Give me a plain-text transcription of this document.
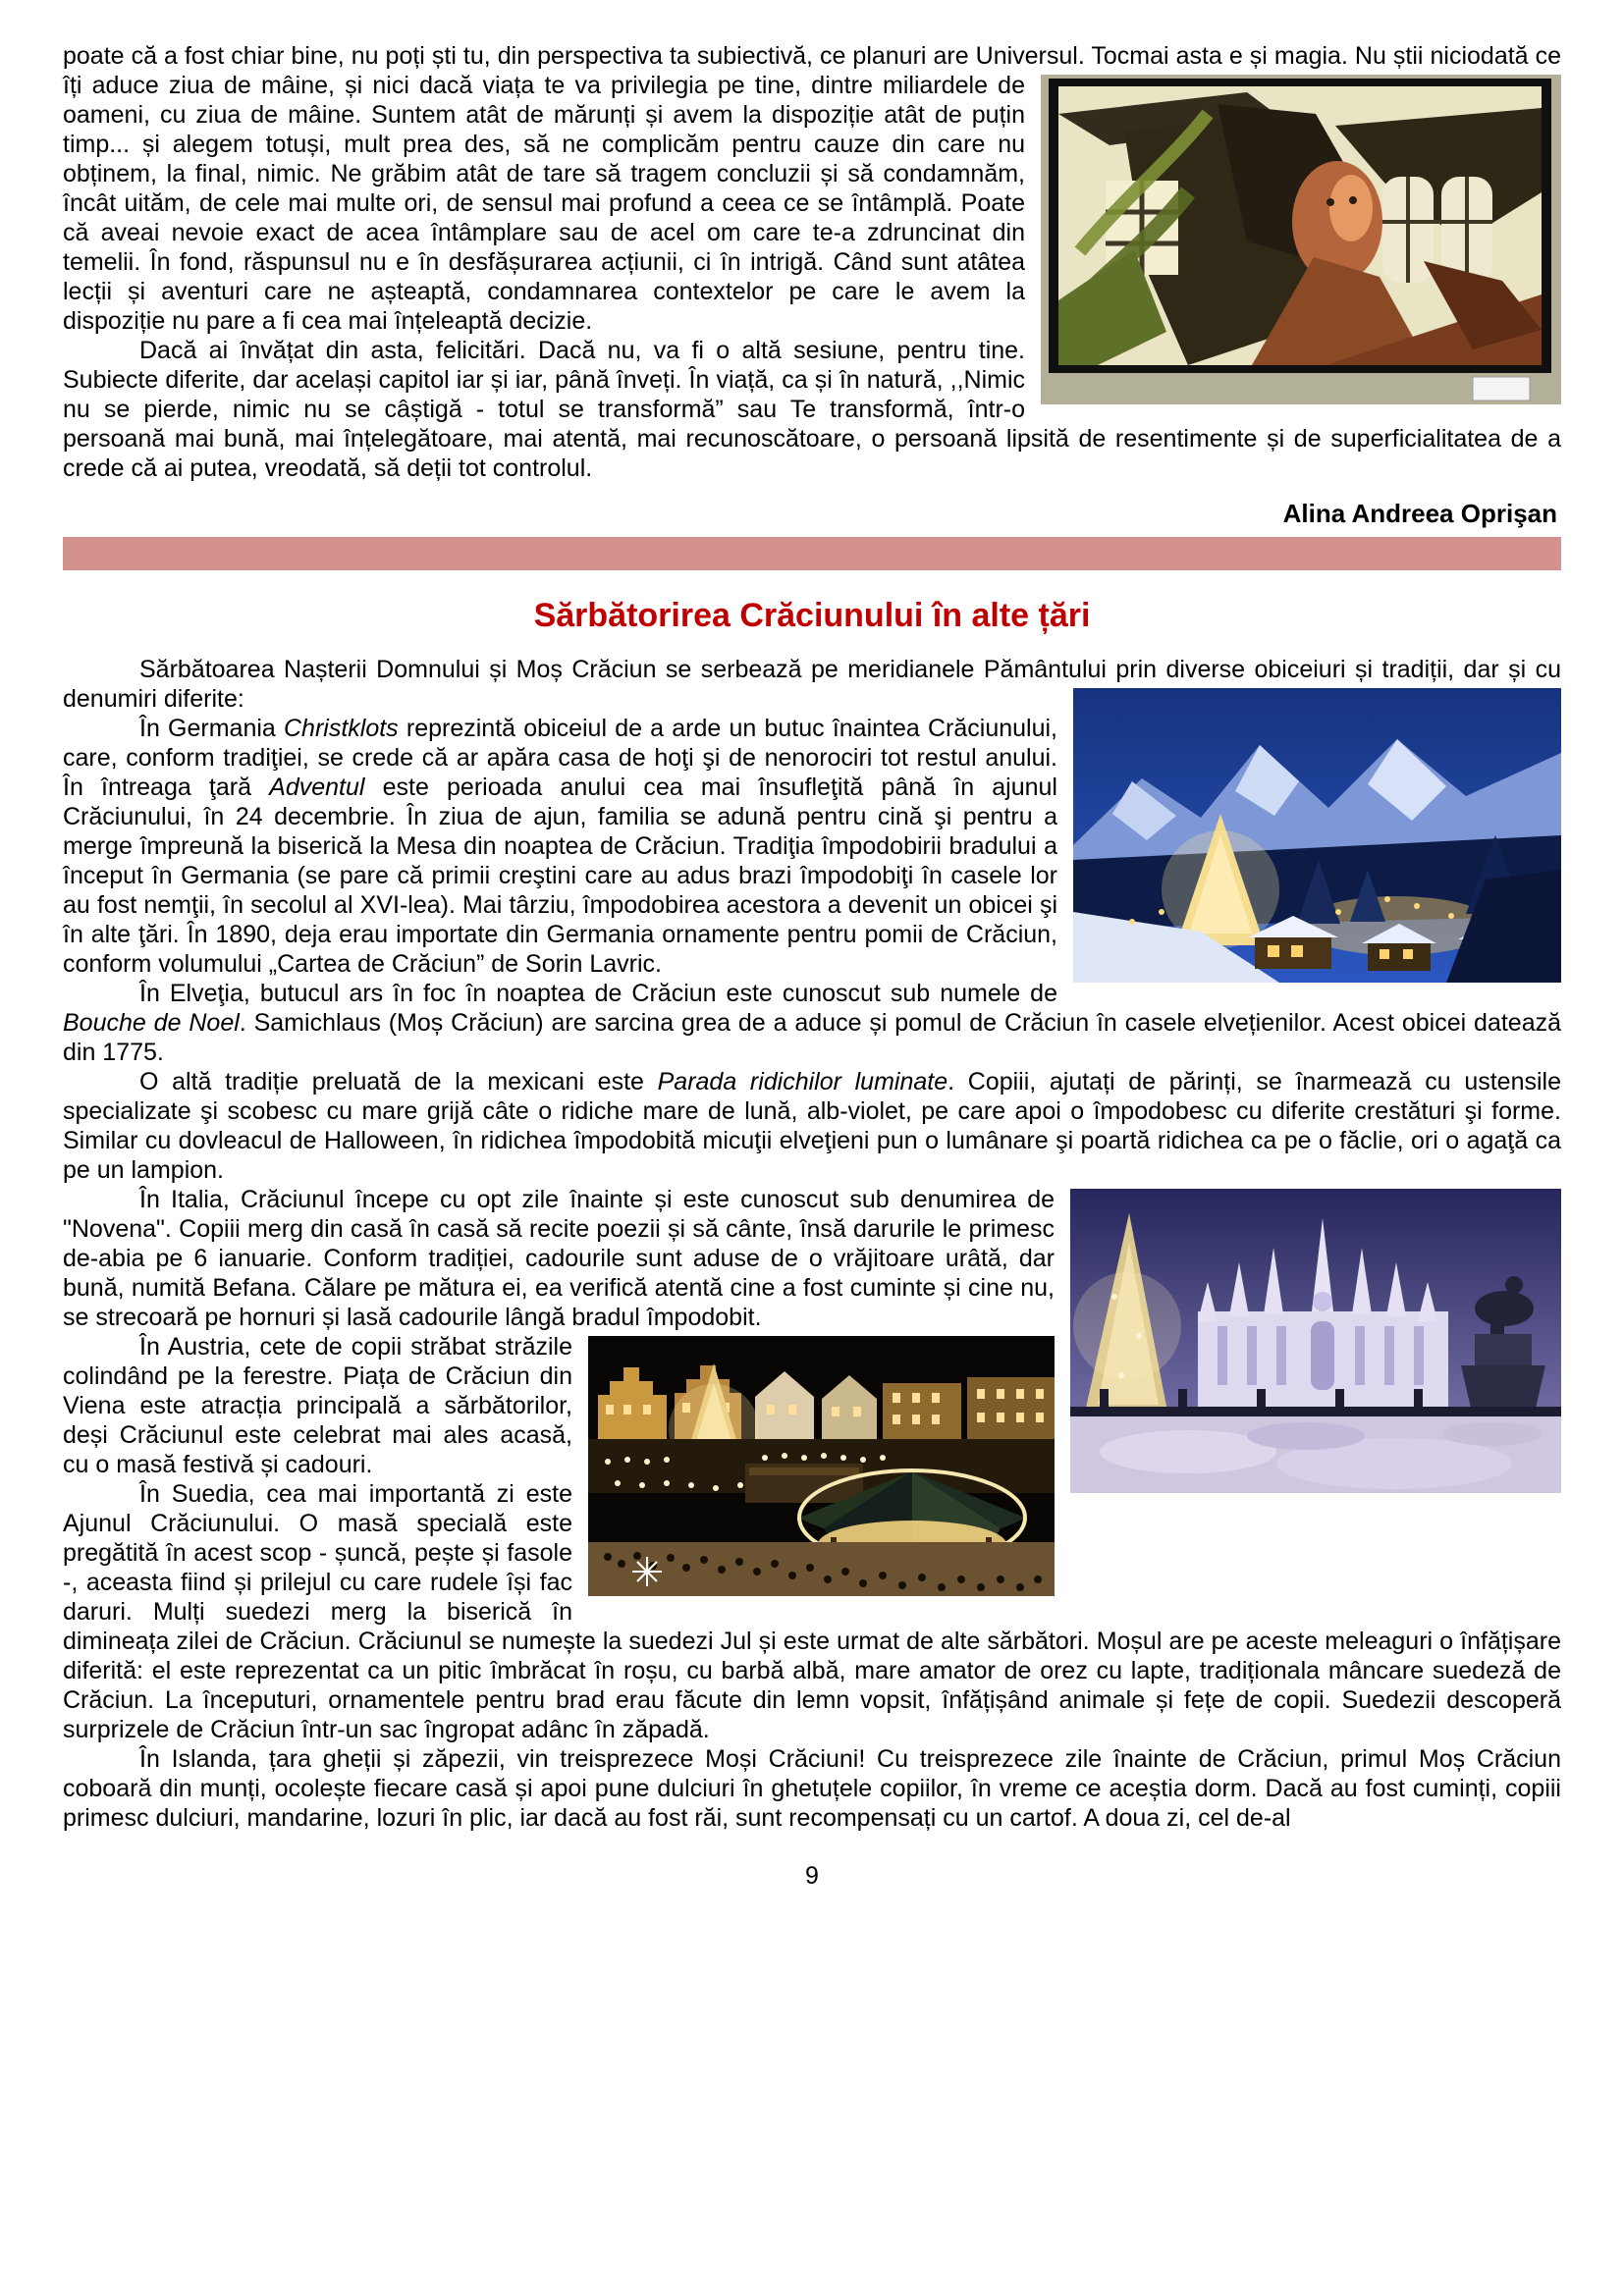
poate că a fost chiar bine, nu poți ști tu, din perspectiva ta subiectivă, ce planuri are Universul. Tocmai asta e și magia. Nu știi niciodată ce îți aduce ziua de mâine, și nici dacă viața te va privilegia pe tine, dintre miliardele de oameni, cu ziua de mâine. Suntem atât de mărunți și avem la dispoziție atât de puțin timp... și alegem totuși, mult prea des, să ne complicăm pentru cauze din care nu obținem, la final, nimic. Ne grăbim atât de tare să tragem concluzii și să condamnăm, încât uităm, de cele mai multe ori, de sensul mai profund a ceea ce se întâmplă. Poate că aveai nevoie exact de acea întâmplare sau de acel om care te-a zdruncinat din temelii. În fond, răspunsul nu e în desfășurarea acțiunii, ci în intrigă. Când sunt atâtea lecții și aventuri care ne așteaptă, condamnarea contextelor pe care le avem la dispoziție nu pare a fi cea mai înțeleaptă decizie.

Dacă ai învățat din asta, felicitări. Dacă nu, va fi o altă sesiune, pentru tine. Subiecte diferite, dar același capitol iar și iar, până înveți. În viață, ca și în natură, ,,Nimic nu se pierde, nimic nu se câștigă - totul se transformă” sau Te transformă, într-o persoană mai bună, mai înțelegătoare, mai atentă, mai recunoscătoare, o persoană lipsită de resentimente și de superficialitatea de a crede că ai putea, vreodată, să deții tot controlul.

Alina Andreea Oprişan

Sărbătorirea Crăciunului în alte țări

Sărbătoarea Nașterii Domnului și Moș Crăciun se serbează pe meridianele Pământului prin diverse obiceiuri și tradiții, dar și cu denumiri diferite:

În Germania Christklots reprezintă obiceiul de a arde un butuc înaintea Crăciunului, care, conform tradiţiei, se crede că ar apăra casa de hoţi şi de nenorociri tot restul anului. În întreaga ţară Adventul este perioada anului cea mai însufleţită până în ajunul Crăciunului, în 24 decembrie. În ziua de ajun, familia se adună pentru cină şi pentru a merge împreună la biserică la Mesa din noaptea de Crăciun. Tradiţia împodobirii bradului a început în Germania (se pare că primii creştini care au adus brazi împodobiţi în casele lor au fost nemţii, în secolul al XVI-lea). Mai târziu, împodobirea acestora a devenit un obicei şi în alte ţări. În 1890, deja erau importate din Germania ornamente pentru pomii de Crăciun, conform volumului „Cartea de Crăciun” de Sorin Lavric.

În Elveţia, butucul ars în foc în noaptea de Crăciun este cunoscut sub numele de Bouche de Noel. Samichlaus (Moș Crăciun) are sarcina grea de a aduce și pomul de Crăciun în casele elvețienilor. Acest obicei datează din 1775.

O altă tradiție preluată de la mexicani este Parada ridichilor luminate. Copiii, ajutați de părinți, se înarmează cu ustensile specializate şi scobesc cu mare grijă câte o ridiche mare de lună, alb-violet, pe care apoi o împodobesc cu diferite crestături şi forme. Similar cu dovleacul de Halloween, în ridichea împodobită micuţii elveţieni pun o lumânare şi poartă ridichea ca pe o făclie, ori o agaţă ca pe un lampion.

În Italia, Crăciunul începe cu opt zile înainte și este cunoscut sub denumirea de "Novena". Copiii merg din casă în casă să recite poezii și să cânte, însă darurile le primesc de-abia pe 6 ianuarie. Conform tradiției, cadourile sunt aduse de o vrăjitoare urâtă, dar bună, numită Befana. Călare pe mătura ei, ea verifică atentă cine a fost cuminte și cine nu, se strecoară pe hornuri și lasă cadourile lângă bradul împodobit.

În Austria, cete de copii străbat străzile colindând pe la ferestre. Piața de Crăciun din Viena este atracția principală a sărbătorilor, deși Crăciunul este celebrat mai ales acasă, cu o masă festivă și cadouri.

În Suedia, cea mai importantă zi este Ajunul Crăciunului. O masă specială este pregătită în acest scop - șuncă, pește și fasole -, aceasta fiind și prilejul cu care rudele își fac daruri. Mulți suedezi merg la biserică în dimineața zilei de Crăciun. Crăciunul se numește la suedezi Jul și este urmat de alte sărbători. Moșul are pe aceste meleaguri o înfățișare diferită: el este reprezentat ca un pitic îmbrăcat în roșu, cu barbă albă, mare amator de orez cu lapte, tradiționala mâncare suedeză de Crăciun. La începuturi, ornamentele pentru brad erau făcute din lemn vopsit, înfățișând animale și fețe de copii. Suedezii descoperă surprizele de Crăciun într-un sac îngropat adânc în zăpadă.

În Islanda, țara gheții și zăpezii, vin treisprezece Moși Crăciuni! Cu treisprezece zile înainte de Crăciun, primul Moș Crăciun coboară din munți, ocolește fiecare casă și apoi pune dulciuri în ghetuțele copiilor, în vreme ce aceștia dorm. Dacă au fost cuminți, copiii primesc dulciuri, mandarine, lozuri în plic, iar dacă au fost răi, sunt recompensați cu un cartof. A doua zi, cel de-al

9
